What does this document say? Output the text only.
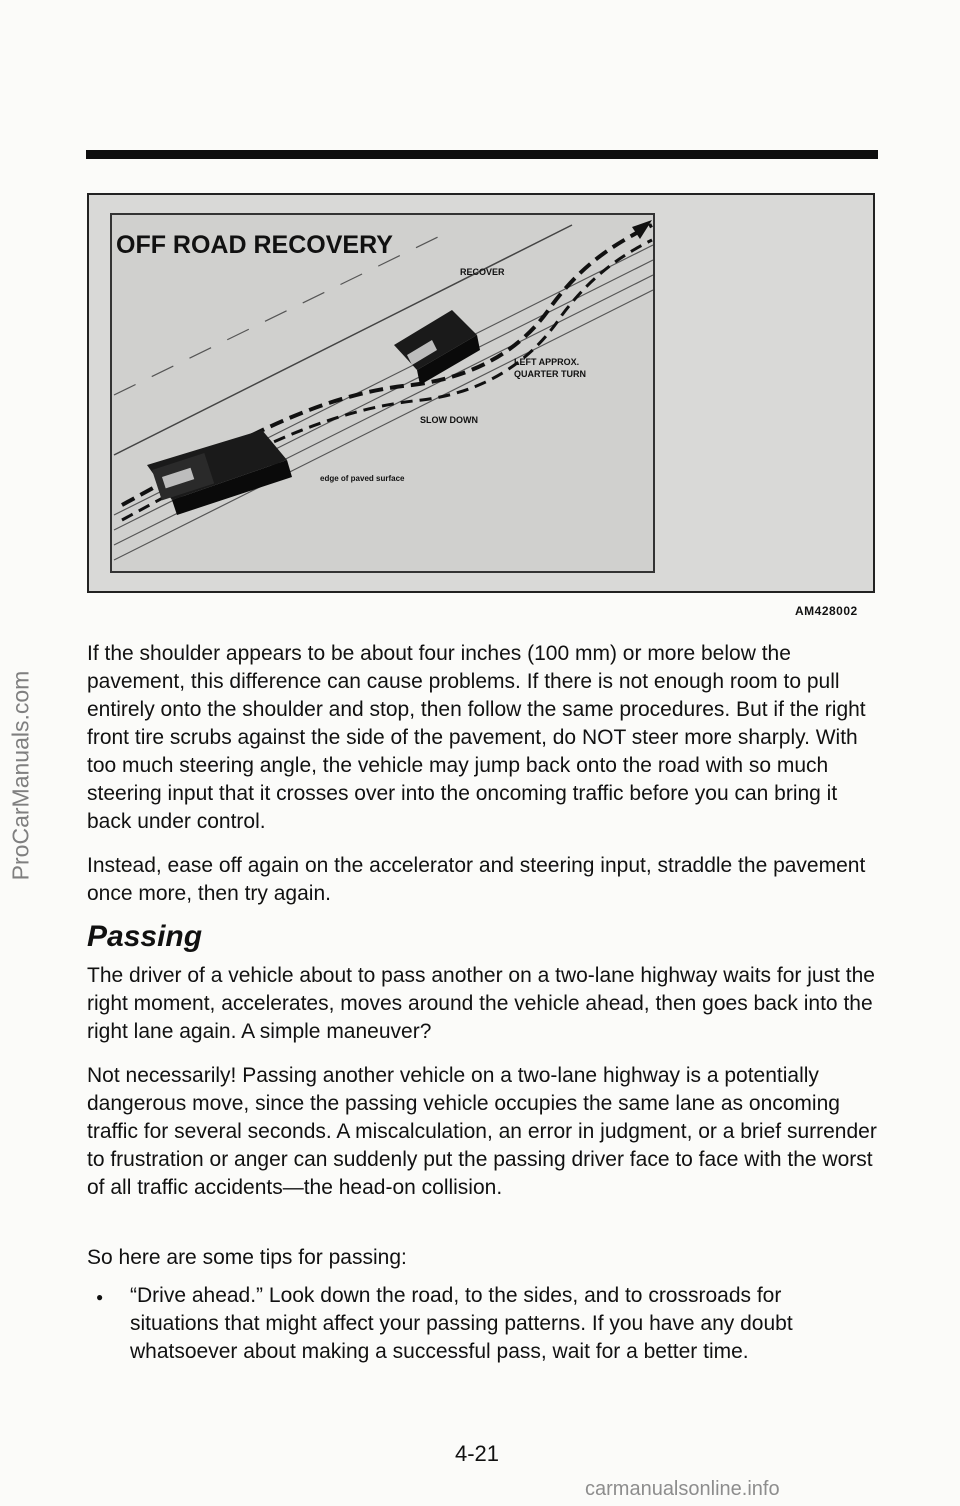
ProCarManuals.com
OFF ROAD RECOVERY
RECOVER
LEFT APPROX.
QUARTER TURN
SLOW DOWN
edge of paved surface
AM428002

If the shoulder appears to be about four inches (100 mm) or more below the pavement, this difference can cause problems. If there is not enough room to pull entirely onto the shoulder and stop, then follow the same procedures. But if the right front tire scrubs against the side of the pavement, do NOT steer more sharply. With too much steering angle, the vehicle may jump back onto the road with so much steering input that it crosses over into the oncoming traffic before you can bring it back under control.

Instead, ease off again on the accelerator and steering input, straddle the pavement once more, then try again.

Passing

The driver of a vehicle about to pass another on a two-lane highway waits for just the right moment, accelerates, moves around the vehicle ahead, then goes back into the right lane again. A simple maneuver?

Not necessarily! Passing another vehicle on a two-lane highway is a potentially dangerous move, since the passing vehicle occupies the same lane as oncoming traffic for several seconds. A miscalculation, an error in judgment, or a brief surrender to frustration or anger can suddenly put the passing driver face to face with the worst of all traffic accidents—the head-on collision.

So here are some tips for passing:

● “Drive ahead.” Look down the road, to the sides, and to crossroads for situations that might affect your passing patterns. If you have any doubt whatsoever about making a successful pass, wait for a better time.

4-21
carmanualsonline.info
